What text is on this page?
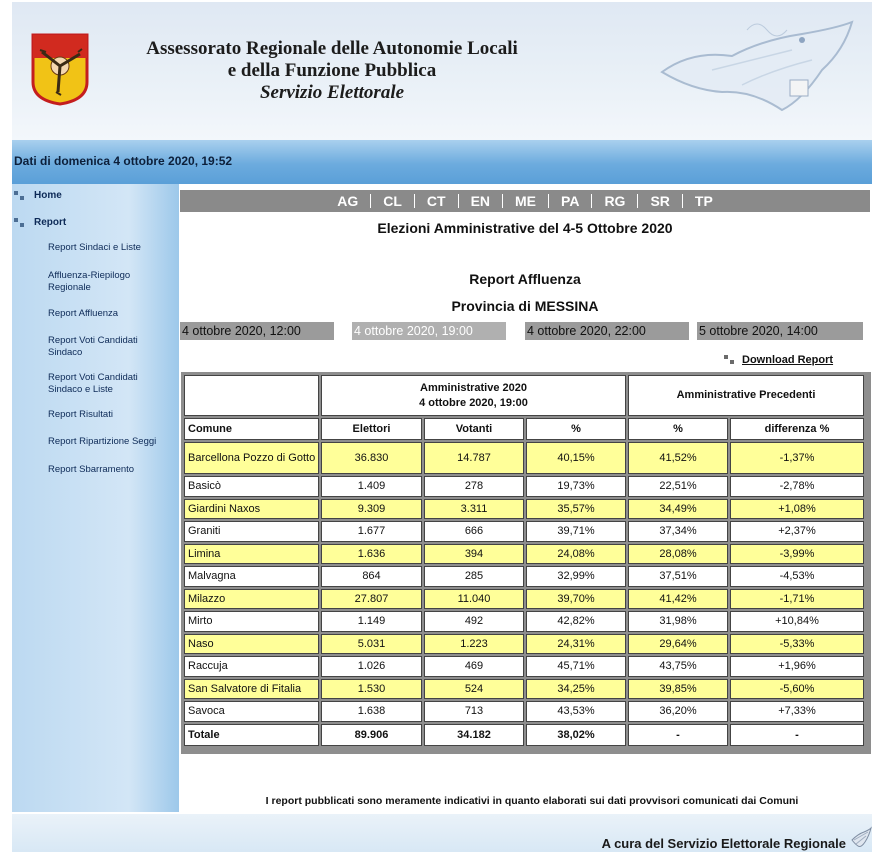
Assessorato Regionale delle Autonomie Locali
e della Funzione Pubblica
Servizio Elettorale
Dati di domenica 4 ottobre 2020, 19:52
Home
Report
Report Sindaci e Liste
Affluenza-Riepilogo Regionale
Report Affluenza
Report Voti Candidati Sindaco
Report Voti Candidati Sindaco e Liste
Report Risultati
Report Ripartizione Seggi
Report Sbarramento
AG	CL	CT	EN	ME	PA	RG	SR	TP
Elezioni Amministrative del 4-5 Ottobre 2020
Report Affluenza
Provincia di MESSINA
4 ottobre 2020, 12:00	4 ottobre 2020, 19:00	4 ottobre 2020, 22:00	5 ottobre 2020, 14:00
Download Report
Amministrative 2020
4 ottobre 2020, 19:00
Amministrative Precedenti
Comune	Elettori	Votanti	%	%	differenza %
Barcellona Pozzo di Gotto	36.830	14.787	40,15%	41,52%	-1,37%
Basicò	1.409	278	19,73%	22,51%	-2,78%
Giardini Naxos	9.309	3.311	35,57%	34,49%	+1,08%
Graniti	1.677	666	39,71%	37,34%	+2,37%
Limina	1.636	394	24,08%	28,08%	-3,99%
Malvagna	864	285	32,99%	37,51%	-4,53%
Milazzo	27.807	11.040	39,70%	41,42%	-1,71%
Mirto	1.149	492	42,82%	31,98%	+10,84%
Naso	5.031	1.223	24,31%	29,64%	-5,33%
Raccuja	1.026	469	45,71%	43,75%	+1,96%
San Salvatore di Fitalia	1.530	524	34,25%	39,85%	-5,60%
Savoca	1.638	713	43,53%	36,20%	+7,33%
Totale	89.906	34.182	38,02%	-	-
I report pubblicati sono meramente indicativi in quanto elaborati sui dati provvisori comunicati dai Comuni
A cura del Servizio Elettorale Regionale
